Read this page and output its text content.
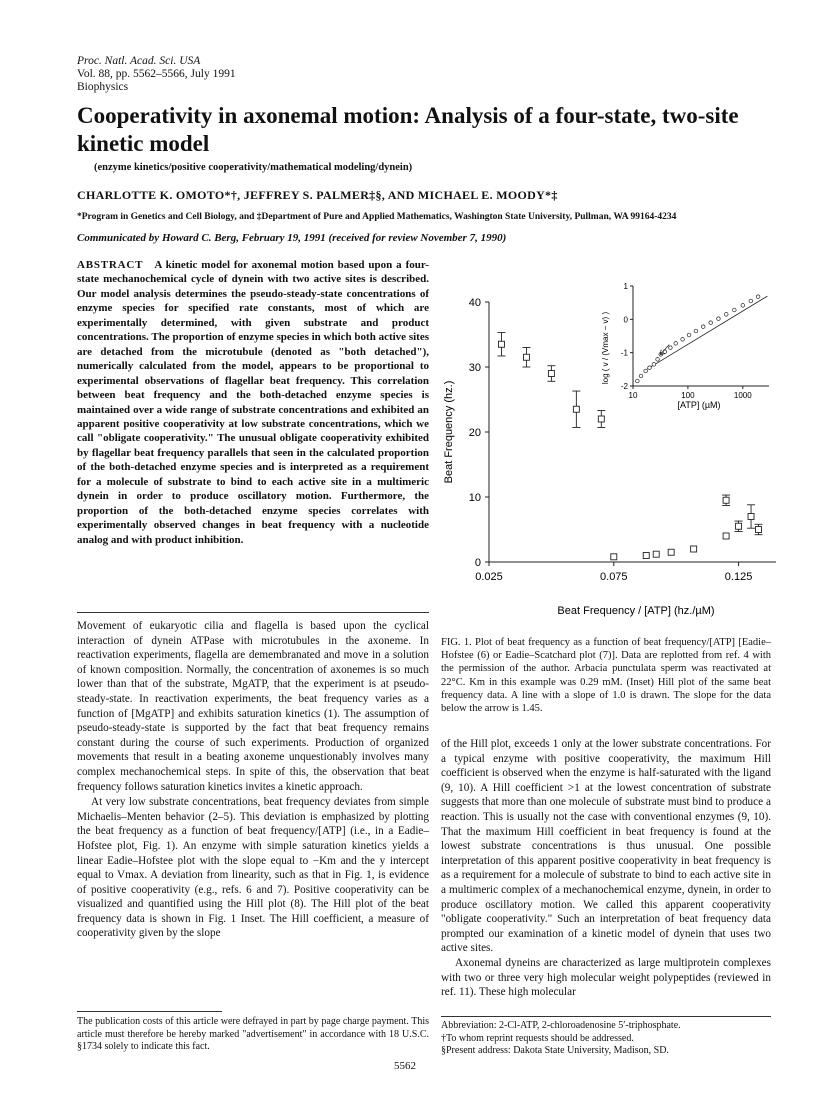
Proc. Natl. Acad. Sci. USA
Vol. 88, pp. 5562–5566, July 1991
Biophysics
Cooperativity in axonemal motion: Analysis of a four-state, two-site kinetic model
(enzyme kinetics/positive cooperativity/mathematical modeling/dynein)
CHARLOTTE K. OMOTO*†, JEFFREY S. PALMER‡§, AND MICHAEL E. MOODY*‡
*Program in Genetics and Cell Biology, and ‡Department of Pure and Applied Mathematics, Washington State University, Pullman, WA 99164-4234
Communicated by Howard C. Berg, February 19, 1991 (received for review November 7, 1990)
ABSTRACT A kinetic model for axonemal motion based upon a four-state mechanochemical cycle of dynein with two active sites is described. Our model analysis determines the pseudo-steady-state concentrations of enzyme species for specified rate constants, most of which are experimentally determined, with given substrate and product concentrations. The proportion of enzyme species in which both active sites are detached from the microtubule (denoted as "both detached"), numerically calculated from the model, appears to be proportional to experimental observations of flagellar beat frequency. This correlation between beat frequency and the both-detached enzyme species is maintained over a wide range of substrate concentrations and exhibited an apparent positive cooperativity at low substrate concentrations, which we call "obligate cooperativity." The unusual obligate cooperativity exhibited by flagellar beat frequency parallels that seen in the calculated proportion of the both-detached enzyme species and is interpreted as a requirement for a molecule of substrate to bind to each active site in a multimeric dynein in order to produce oscillatory motion. Furthermore, the proportion of the both-detached enzyme species correlates with experimentally observed changes in beat frequency with a nucleotide analog and with product inhibition.

Movement of eukaryotic cilia and flagella is based upon the cyclical interaction of dynein ATPase with microtubules in the axoneme. In reactivation experiments, flagella are demembranated and move in a solution of known composition. Normally, the concentration of axonemes is so much lower than that of the substrate, MgATP, that the experiment is at pseudo-steady-state. In reactivation experiments, the beat frequency varies as a function of [MgATP] and exhibits saturation kinetics (1). The assumption of pseudo-steady-state is supported by the fact that beat frequency remains constant during the course of such experiments. Production of organized movements that result in a beating axoneme unquestionably involves many complex mechanochemical steps. In spite of this, the observation that beat frequency follows saturation kinetics invites a kinetic approach.

At very low substrate concentrations, beat frequency deviates from simple Michaelis–Menten behavior (2–5). This deviation is emphasized by plotting the beat frequency as a function of beat frequency/[ATP] (i.e., in a Eadie–Hofstee plot, Fig. 1). An enzyme with simple saturation kinetics yields a linear Eadie–Hofstee plot with the slope equal to −Km and the y intercept equal to Vmax. A deviation from linearity, such as that in Fig. 1, is evidence of positive cooperativity (e.g., refs. 6 and 7). Positive cooperativity can be visualized and quantified using the Hill plot (8). The Hill plot of the beat frequency data is shown in Fig. 1 Inset. The Hill coefficient, a measure of cooperativity given by the slope

The publication costs of this article were defrayed in part by page charge payment. This article must therefore be hereby marked "advertisement" in accordance with 18 U.S.C. §1734 solely to indicate this fact.
0
10
20
30
40
0.025	0.075	0.125
Beat Frequency (hz.)
Beat Frequency / [ATP] (hz./µM)
-2
-1
0
1
10	100	1000
[ATP] (µM)
log ( v / (Vmax − v) )
FIG. 1. Plot of beat frequency as a function of beat frequency/[ATP] [Eadie–Hofstee (6) or Eadie–Scatchard plot (7)]. Data are replotted from ref. 4 with the permission of the author. Arbacia punctulata sperm was reactivated at 22°C. Km in this example was 0.29 mM. (Inset) Hill plot of the same beat frequency data. A line with a slope of 1.0 is drawn. The slope for the data below the arrow is 1.45.

of the Hill plot, exceeds 1 only at the lower substrate concentrations. For a typical enzyme with positive cooperativity, the maximum Hill coefficient is observed when the enzyme is half-saturated with the ligand (9, 10). A Hill coefficient >1 at the lowest concentration of substrate suggests that more than one molecule of substrate must bind to produce a reaction. This is usually not the case with conventional enzymes (9, 10). That the maximum Hill coefficient in beat frequency is found at the lowest substrate concentrations is thus unusual. One possible interpretation of this apparent positive cooperativity in beat frequency is as a requirement for a molecule of substrate to bind to each active site in a multimeric complex of a mechanochemical enzyme, dynein, in order to produce oscillatory motion. We called this apparent cooperativity "obligate cooperativity." Such an interpretation of beat frequency data prompted our examination of a kinetic model of dynein that uses two active sites.

Axonemal dyneins are characterized as large multiprotein complexes with two or three very high molecular weight polypeptides (reviewed in ref. 11). These high molecular

Abbreviation: 2-Cl-ATP, 2-chloroadenosine 5′-triphosphate.
†To whom reprint requests should be addressed.
§Present address: Dakota State University, Madison, SD.
5562
